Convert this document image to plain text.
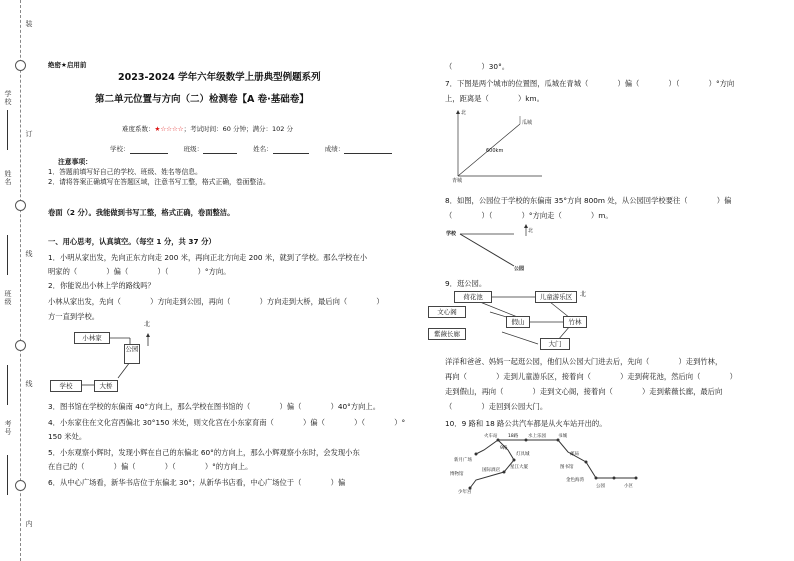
学校
姓名
班级
考号
装
订
线
线
内
绝密★启用前
2023-2024 学年六年级数学上册典型例题系列
第二单元位置与方向（二）检测卷【A 卷·基础卷】
难度系数：★☆☆☆☆；考试时间：60 分钟；满分：102 分
学校：	班级：	姓名：	成绩：
注意事项：
1．答题前填写好自己的学校、班级、姓名等信息。
2．请将答案正确填写在答题区域，注意书写工整，格式正确，卷面整洁。
卷面（2 分）。我能做到书写工整，格式正确，卷面整洁。
一、用心思考，认真填空。（每空 1 分，共 37 分）
1．小明从家出发，先向正东方向走 200 米，再向正北方向走 200 米，就到了学校。那么学校在小
明家的（　　　　）偏（　　　　）（　　　　）°方向。
2．你能说出小林上学的路线吗？
小林从家出发，先向（　　　　）方向走到公园，再向（　　　　）方向走到大桥，最后向（　　　　）
方一直到学校。
小林家
公园
大桥
学校
北
3．图书馆在学校的东偏南 40°方向上，那么学校在图书馆的（　　　　）偏（　　　　）40°方向上。
4．小东家住在文化宫西偏北 30°150 米处，则文化宫在小东家育南（　　　　）偏（　　　　）（　　　　）°
150 米处。
5．小东观察小辉时，发现小辉在自己的东偏北 60°的方向上，那么小辉观察小东时，会发现小东
在自己的（　　　　）偏（　　　　）（　　　　）°的方向上。
6．从中心广场看，新华书店位于东偏北 30°；从新华书店看，中心广场位于（　　　　）偏
（　　　　）30°。
7．下图是两个城市的位置图，瓜城在青城（　　　　）偏（　　　　）（　　　　）°方向
上，距离是（　　　　）km。
北
瓜城
青城
600km
8．如图，公园位于学校的东偏南 35°方向 800m 处，从公园回学校要往（　　　　）偏
（　　　　）（　　　　）°方向走（　　　　）m。
学校
公园
北
9．逛公园。
荷花池	儿童游乐区	北
文心阁
假山	竹林
紫薇长廊
大门
洋洋和爸爸、妈妈一起逛公园，他们从公园大门进去后，先向（　　　　）走到竹林，
再向（　　　　）走到儿童游乐区，接着向（　　　　）走到荷花池，然后向（　　　　）
走到假山，再向（　　　　）走到文心阁，接着向（　　　　）走到紫薇长廊，最后向
（　　　　）走回到公园大门。
10．9 路和 18 路公共汽车都是从火车站开出的。
火车站 18路 水上乐园	书城
新月广场
灯具城	邮局
国际酒店
星江大厦	图书馆
博物馆
金色海湾
公园	小区
少年宫
9路
